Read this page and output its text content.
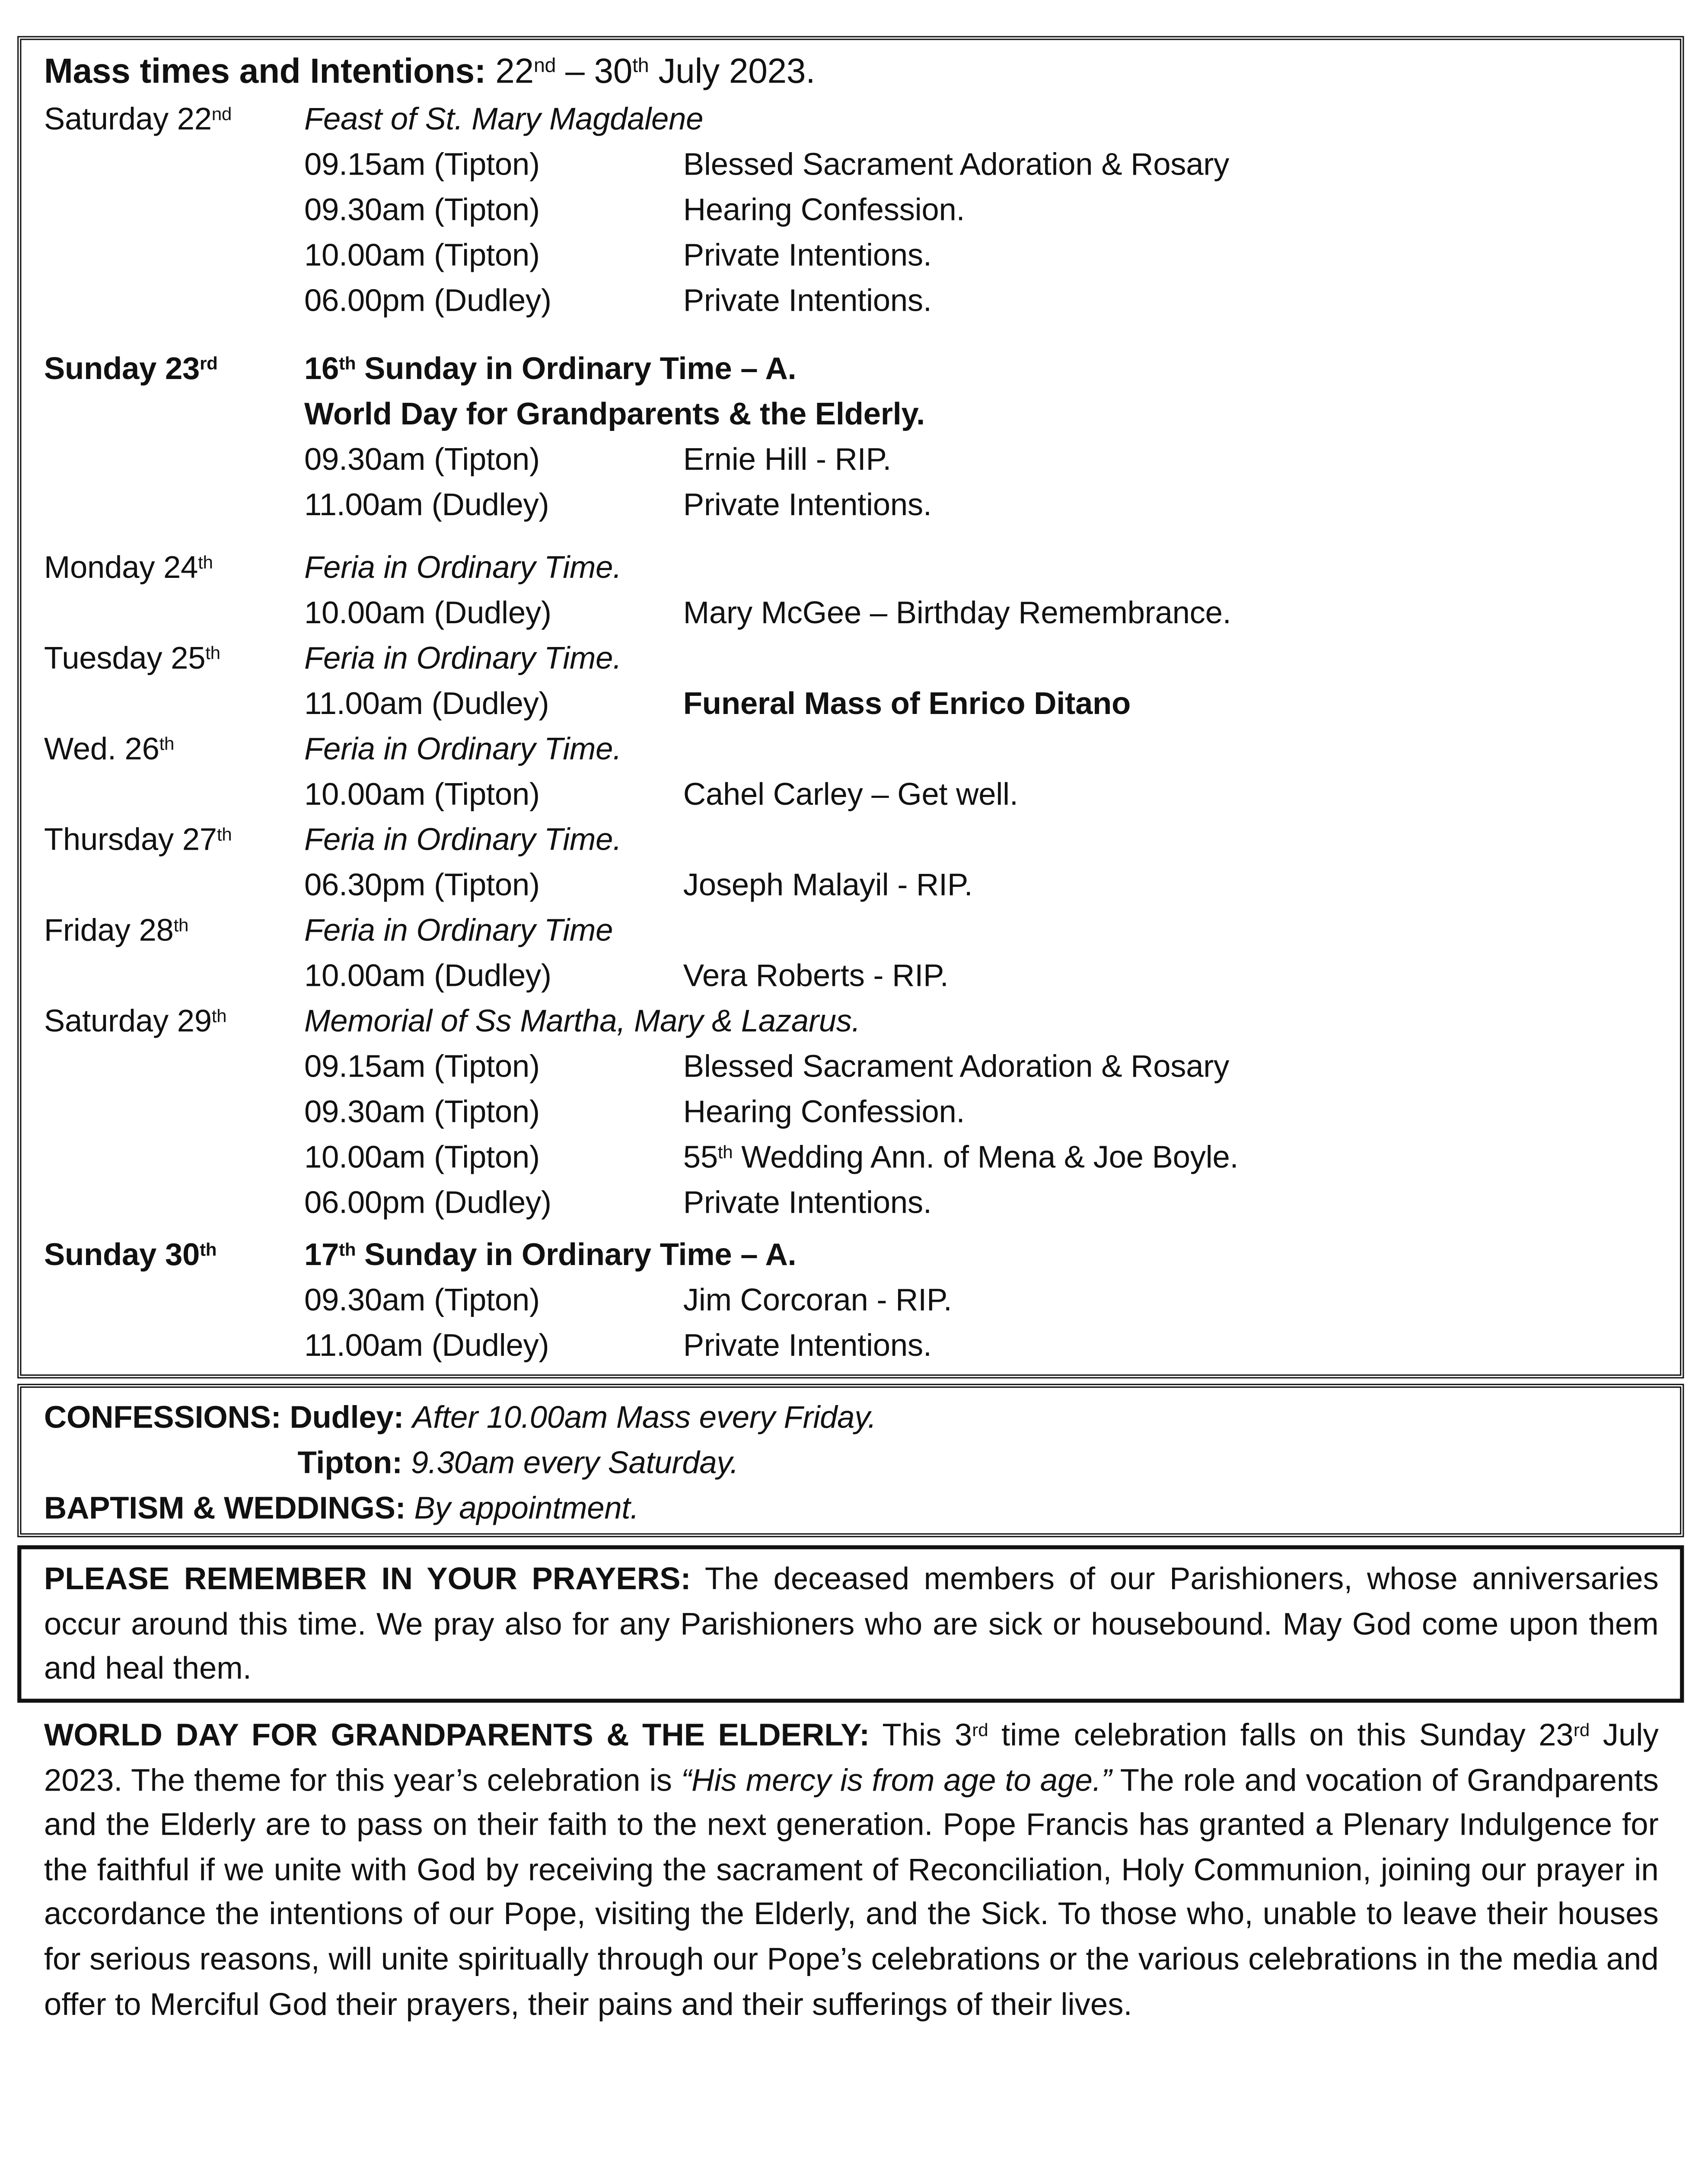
Mass times and Intentions: 22nd – 30th July 2023.
Saturday 22nd	Feast of St. Mary Magdalene
09.15am (Tipton)	Blessed Sacrament Adoration & Rosary
09.30am (Tipton)	Hearing Confession.
10.00am (Tipton)	Private Intentions.
06.00pm (Dudley)	Private Intentions.
Sunday 23rd	16th Sunday in Ordinary Time – A.
World Day for Grandparents & the Elderly.
09.30am (Tipton)	Ernie Hill - RIP.
11.00am (Dudley)	Private Intentions.
Monday 24th	Feria in Ordinary Time.
10.00am (Dudley)	Mary McGee – Birthday Remembrance.
Tuesday 25th	Feria in Ordinary Time.
11.00am (Dudley)	Funeral Mass of Enrico Ditano
Wed. 26th	Feria in Ordinary Time.
10.00am (Tipton)	Cahel Carley – Get well.
Thursday 27th	Feria in Ordinary Time.
06.30pm (Tipton)	Joseph Malayil - RIP.
Friday 28th	Feria in Ordinary Time
10.00am (Dudley)	Vera Roberts - RIP.
Saturday 29th	Memorial of Ss Martha, Mary & Lazarus.
09.15am (Tipton)	Blessed Sacrament Adoration & Rosary
09.30am (Tipton)	Hearing Confession.
10.00am (Tipton)	55th Wedding Ann. of Mena & Joe Boyle.
06.00pm (Dudley)	Private Intentions.
Sunday 30th	17th Sunday in Ordinary Time – A.
09.30am (Tipton)	Jim Corcoran - RIP.
11.00am (Dudley)	Private Intentions.
CONFESSIONS: Dudley: After 10.00am Mass every Friday.
Tipton: 9.30am every Saturday.
BAPTISM & WEDDINGS: By appointment.
PLEASE REMEMBER IN YOUR PRAYERS: The deceased members of our Parishioners, whose anniversaries occur around this time. We pray also for any Parishioners who are sick or housebound. May God come upon them and heal them.
WORLD DAY FOR GRANDPARENTS & THE ELDERLY: This 3rd time celebration falls on this Sunday 23rd July 2023. The theme for this year’s celebration is “His mercy is from age to age.” The role and vocation of Grandparents and the Elderly are to pass on their faith to the next generation. Pope Francis has granted a Plenary Indulgence for the faithful if we unite with God by receiving the sacrament of Reconciliation, Holy Communion, joining our prayer in accordance the intentions of our Pope, visiting the Elderly, and the Sick. To those who, unable to leave their houses for serious reasons, will unite spiritually through our Pope’s celebrations or the various celebrations in the media and offer to Merciful God their prayers, their pains and their sufferings of their lives.
